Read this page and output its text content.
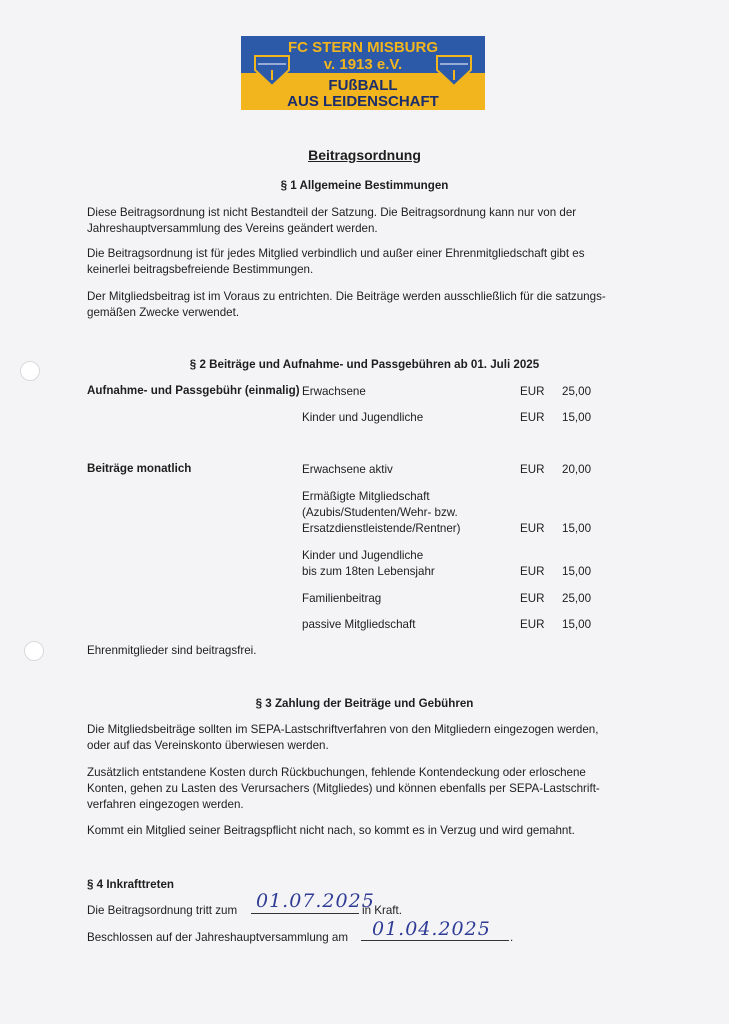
FC STERN MISBURG
v. 1913 e.V.
FUßBALL
AUS LEIDENSCHAFT
Beitragsordnung
§ 1 Allgemeine Bestimmungen
Diese Beitragsordnung ist nicht Bestandteil der Satzung. Die Beitragsordnung kann nur von der
Jahreshauptversammlung des Vereins geändert werden.
Die Beitragsordnung ist für jedes Mitglied verbindlich und außer einer Ehrenmitgliedschaft gibt es
keinerlei beitragsbefreiende Bestimmungen.
Der Mitgliedsbeitrag ist im Voraus zu entrichten. Die Beiträge werden ausschließlich für die satzungs-
gemäßen Zwecke verwendet.
§ 2 Beiträge und Aufnahme- und Passgebühren ab 01. Juli 2025
Aufnahme- und Passgebühr (einmalig) Erwachsene	EUR 25,00
Kinder und Jugendliche	EUR 15,00
Beiträge monatlich	Erwachsene aktiv	EUR 20,00
Ermäßigte Mitgliedschaft
(Azubis/Studenten/Wehr- bzw.
Ersatzdienstleistende/Rentner)	EUR 15,00
Kinder und Jugendliche
bis zum 18ten Lebensjahr	EUR 15,00
Familienbeitrag	EUR 25,00
passive Mitgliedschaft	EUR 15,00
Ehrenmitglieder sind beitragsfrei.
§ 3 Zahlung der Beiträge und Gebühren
Die Mitgliedsbeiträge sollten im SEPA-Lastschriftverfahren von den Mitgliedern eingezogen werden,
oder auf das Vereinskonto überwiesen werden.
Zusätzlich entstandene Kosten durch Rückbuchungen, fehlende Kontendeckung oder erloschene
Konten, gehen zu Lasten des Verursachers (Mitgliedes) und können ebenfalls per SEPA-Lastschrift-
verfahren eingezogen werden.
Kommt ein Mitglied seiner Beitragspflicht nicht nach, so kommt es in Verzug und wird gemahnt.
§ 4 Inkrafttreten
Die Beitragsordnung tritt zum 01.07.2025
in Kraft.
Beschlossen auf der Jahreshauptversammlung am 01.04.2025 .
